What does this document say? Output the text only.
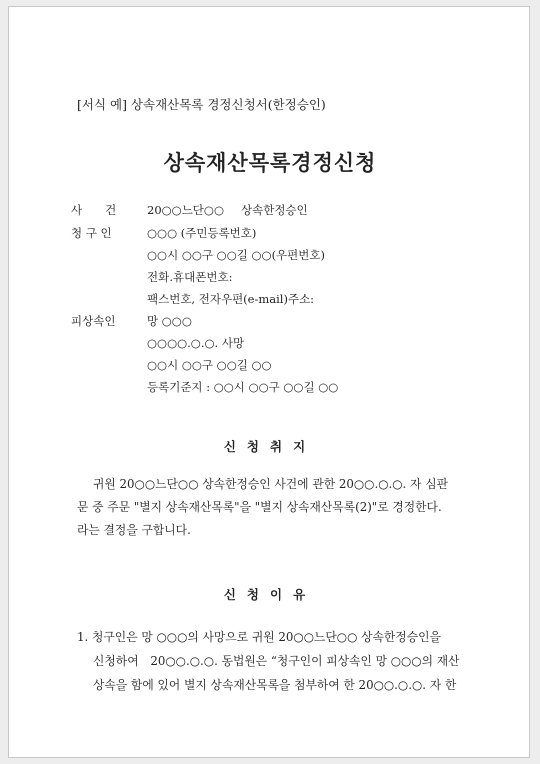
[서식 예] 상속재산목록 경정신청서(한정승인)
상속재산목록경정신청
사　　건	20○○느단○○ 상속한정승인
청 구 인	○○○ (주민등록번호)
○○시 ○○구 ○○길 ○○(우편번호)
전화․휴대폰번호:
팩스번호, 전자우편(e-mail)주소:
피상속인	망 ○○○
○○○○.○.○. 사망
○○시 ○○구 ○○길 ○○
등록기준지 : ○○시 ○○구 ○○길 ○○
신청취지
귀원 20○○느단○○ 상속한정승인 사건에 관한 20○○.○.○. 자 심판
문 중 주문 "별지 상속재산목록"을 "별지 상속재산목록(2)"로 경정한다.
라는 결정을 구합니다.
신청이유
1. 청구인은 망 ○○○의 사망으로 귀원 20○○느단○○ 상속한정승인을
신청하여　20○○.○.○. 동법원은 “청구인이 피상속인 망 ○○○의 재산
상속을 함에 있어 별지 상속재산목록을 첨부하여 한 20○○.○.○. 자 한
